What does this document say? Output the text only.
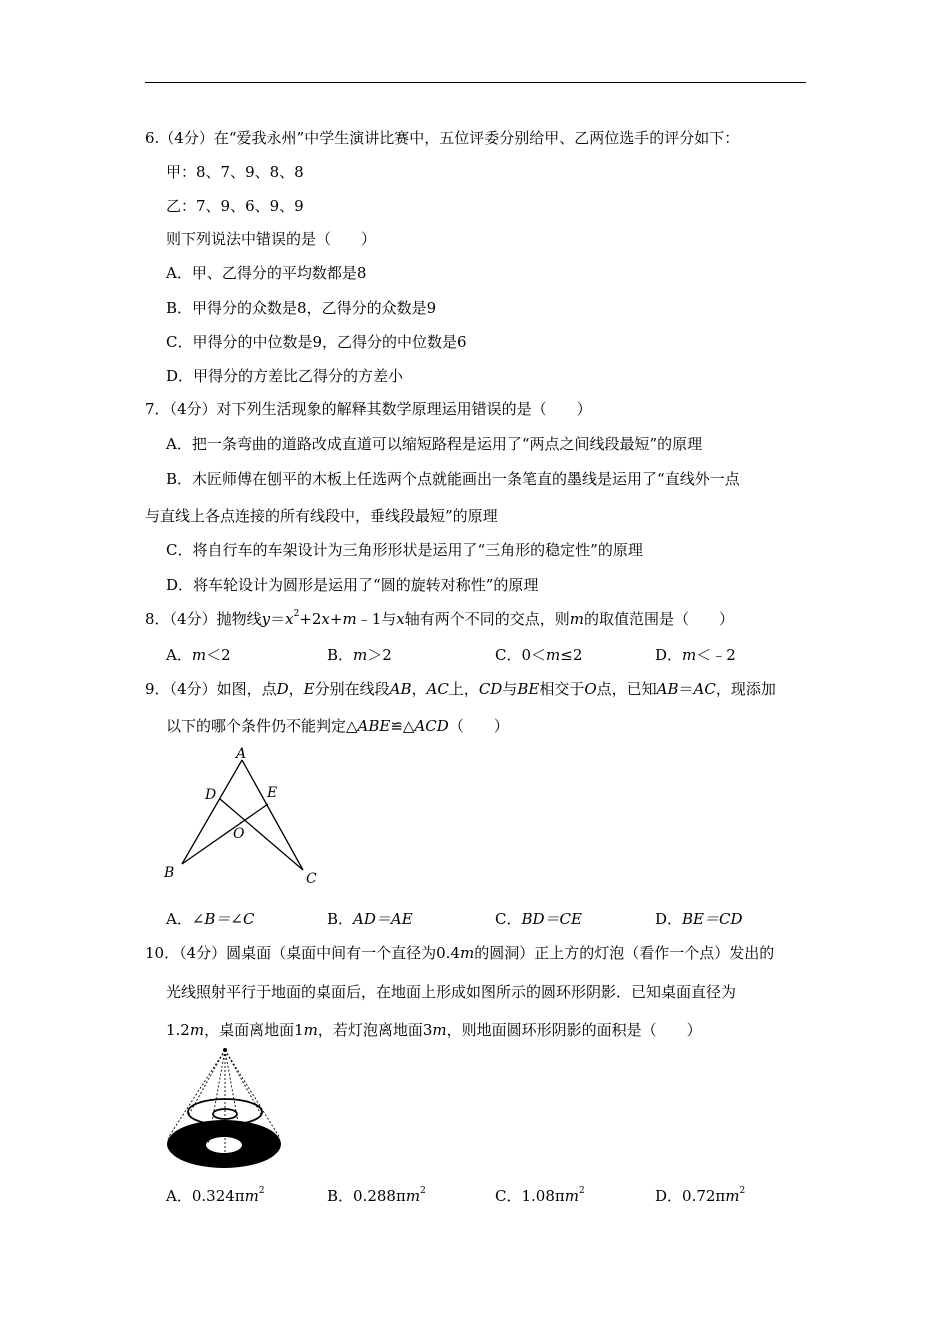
6.（4分）在“爱我永州”中学生演讲比赛中，五位评委分别给甲、乙两位选手的评分如下：
甲：8、7、9、8、8
乙：7、9、6、9、9
则下列说法中错误的是（　　）
A．甲、乙得分的平均数都是8
B．甲得分的众数是8，乙得分的众数是9
C．甲得分的中位数是9，乙得分的中位数是6
D．甲得分的方差比乙得分的方差小
7．（4分）对下列生活现象的解释其数学原理运用错误的是（　　）
A．把一条弯曲的道路改成直道可以缩短路程是运用了“两点之间线段最短”的原理
B．木匠师傅在刨平的木板上任选两个点就能画出一条笔直的墨线是运用了“直线外一点
与直线上各点连接的所有线段中，垂线段最短”的原理
C．将自行车的车架设计为三角形形状是运用了“三角形的稳定性”的原理
D．将车轮设计为圆形是运用了“圆的旋转对称性”的原理
8．（4分）抛物线$y=x^2+2x+m﹣1$与x轴有两个不同的交点，则m的取值范围是（　　）
A．m＜2	B．m＞2	C．0＜m≤2	D．m＜﹣2
9．（4分）如图，点D，E分别在线段AB，AC上，CD与BE相交于O点，已知AB＝AC，现添加
以下的哪个条件仍不能判定△ABE≌△ACD（　　）
A
B	C
D	E
O
A．∠B＝∠C	B．AD＝AE	C．BD＝CE	D．BE＝CD
10．（4分）圆桌面（桌面中间有一个直径为0.4m的圆洞）正上方的灯泡（看作一个点）发出的
光线照射平行于地面的桌面后，在地面上形成如图所示的圆环形阴影．已知桌面直径为
1.2m，桌面离地面1m，若灯泡离地面3m，则地面圆环形阴影的面积是（　　）
A．$0.324\pi m^2$	B．$0.288\pi m^2$	C．$1.08\pi m^2$	D．$0.72\pi m^2$
